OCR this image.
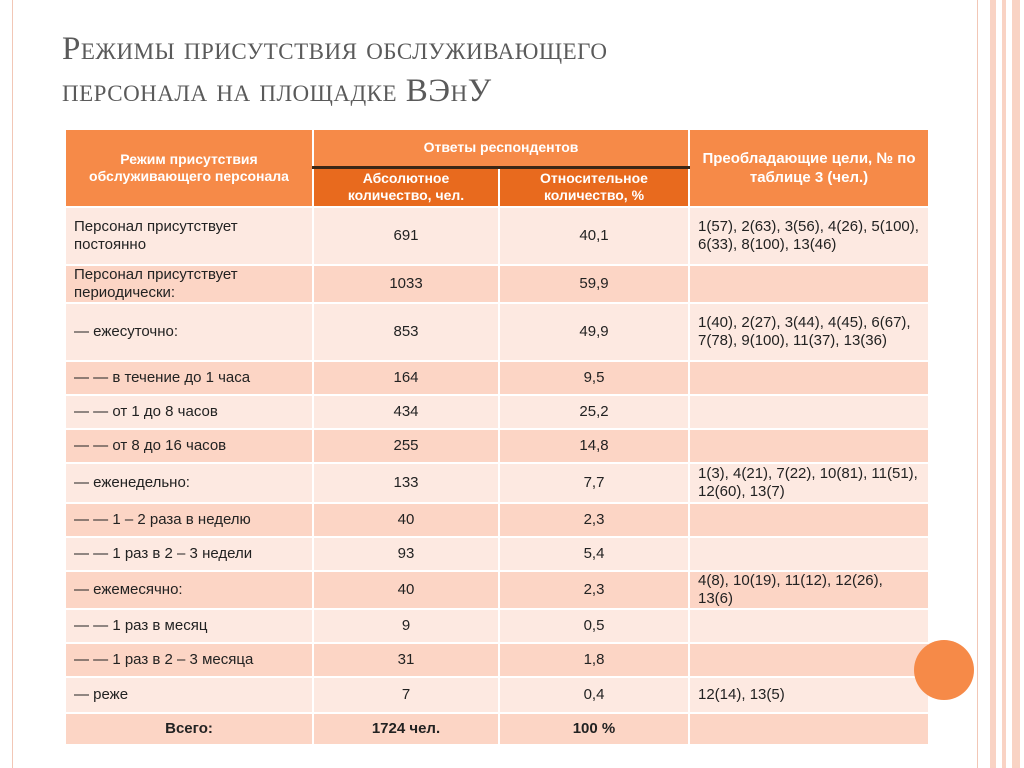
Режимы присутствия обслуживающего
персонала на площадке ВЭнУ
Режим присутствия обслуживающего персонала	Ответы респондентов		Преобладающие цели, № по таблице 3 (чел.)
	Абсолютное количество, чел.	Относительное количество, %	
Персонал присутствует постоянно	691	40,1	1(57), 2(63), 3(56), 4(26), 5(100), 6(33), 8(100), 13(46)
Персонал присутствует периодически:	1033	59,9	
— ежесуточно:	853	49,9	1(40), 2(27), 3(44), 4(45), 6(67), 7(78), 9(100), 11(37), 13(36)
— — в течение до 1 часа	164	9,5	
— — от 1 до 8 часов	434	25,2	
— — от 8 до 16 часов	255	14,8	
— еженедельно:	133	7,7	1(3), 4(21), 7(22), 10(81), 11(51), 12(60), 13(7)
— — 1 – 2 раза в неделю	40	2,3	
— — 1 раз в 2 – 3 недели	93	5,4	
— ежемесячно:	40	2,3	4(8), 10(19), 11(12), 12(26), 13(6)
— — 1 раз в месяц	9	0,5	
— — 1 раз в 2 – 3 месяца	31	1,8	
— реже	7	0,4	12(14), 13(5)
Всего:	1724 чел.	100 %	
